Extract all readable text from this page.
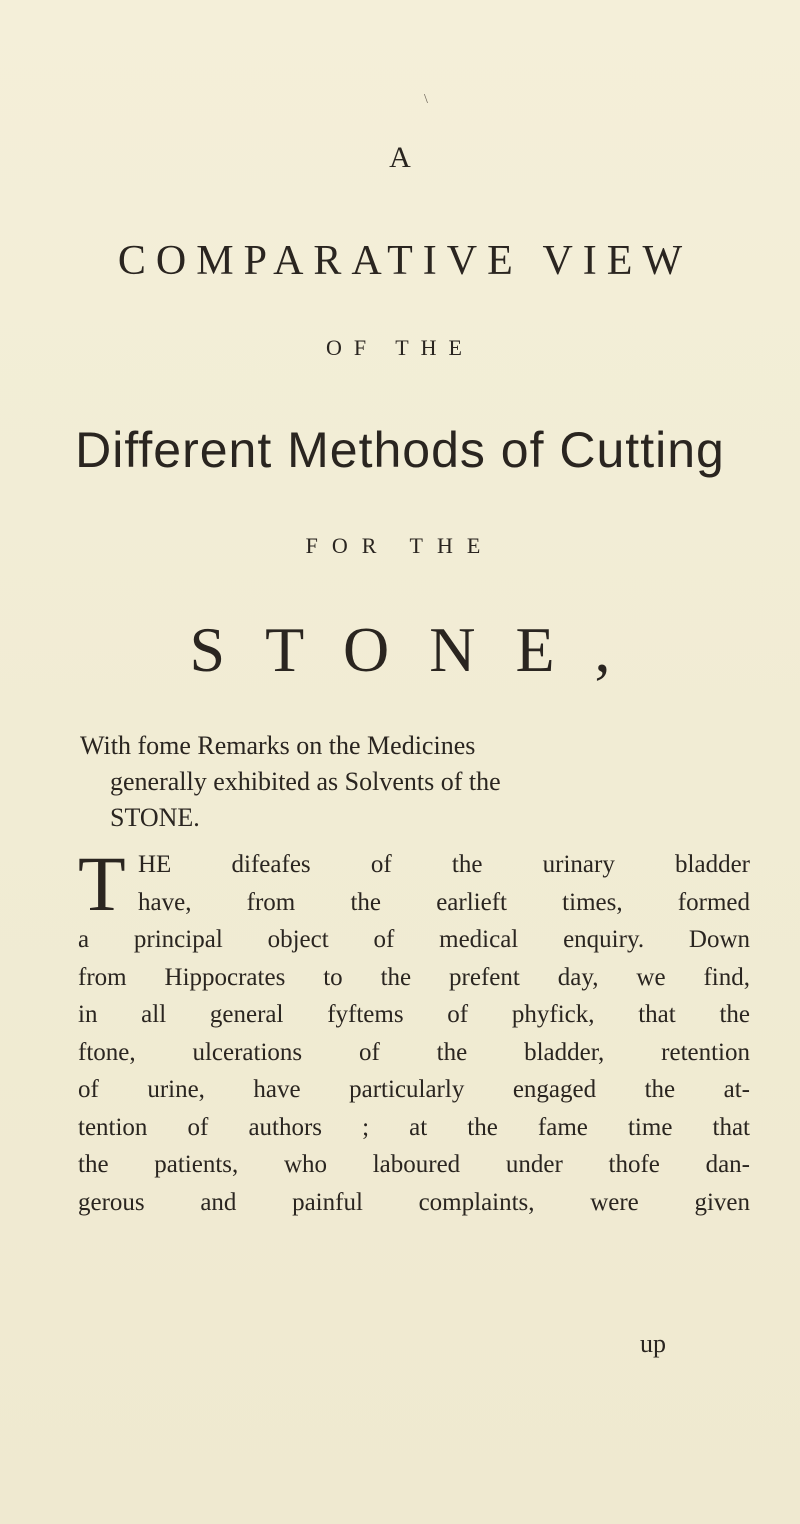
\
A
COMPARATIVE VIEW
OF THE
Different Methods of Cutting
FOR THE
STONE,
With fome Remarks on the Medicines
generally exhibited as Solvents of the
STONE.
T HE difeafes of the urinary bladder
have, from the earlieft times, formed
a principal object of medical enquiry. Down
from Hippocrates to the prefent day, we find,
in all general fyftems of phyfick, that the
ftone, ulcerations of the bladder, retention
of urine, have particularly engaged the at-
tention of authors ; at the fame time that
the patients, who laboured under thofe dan-
gerous and painful complaints, were given
up
